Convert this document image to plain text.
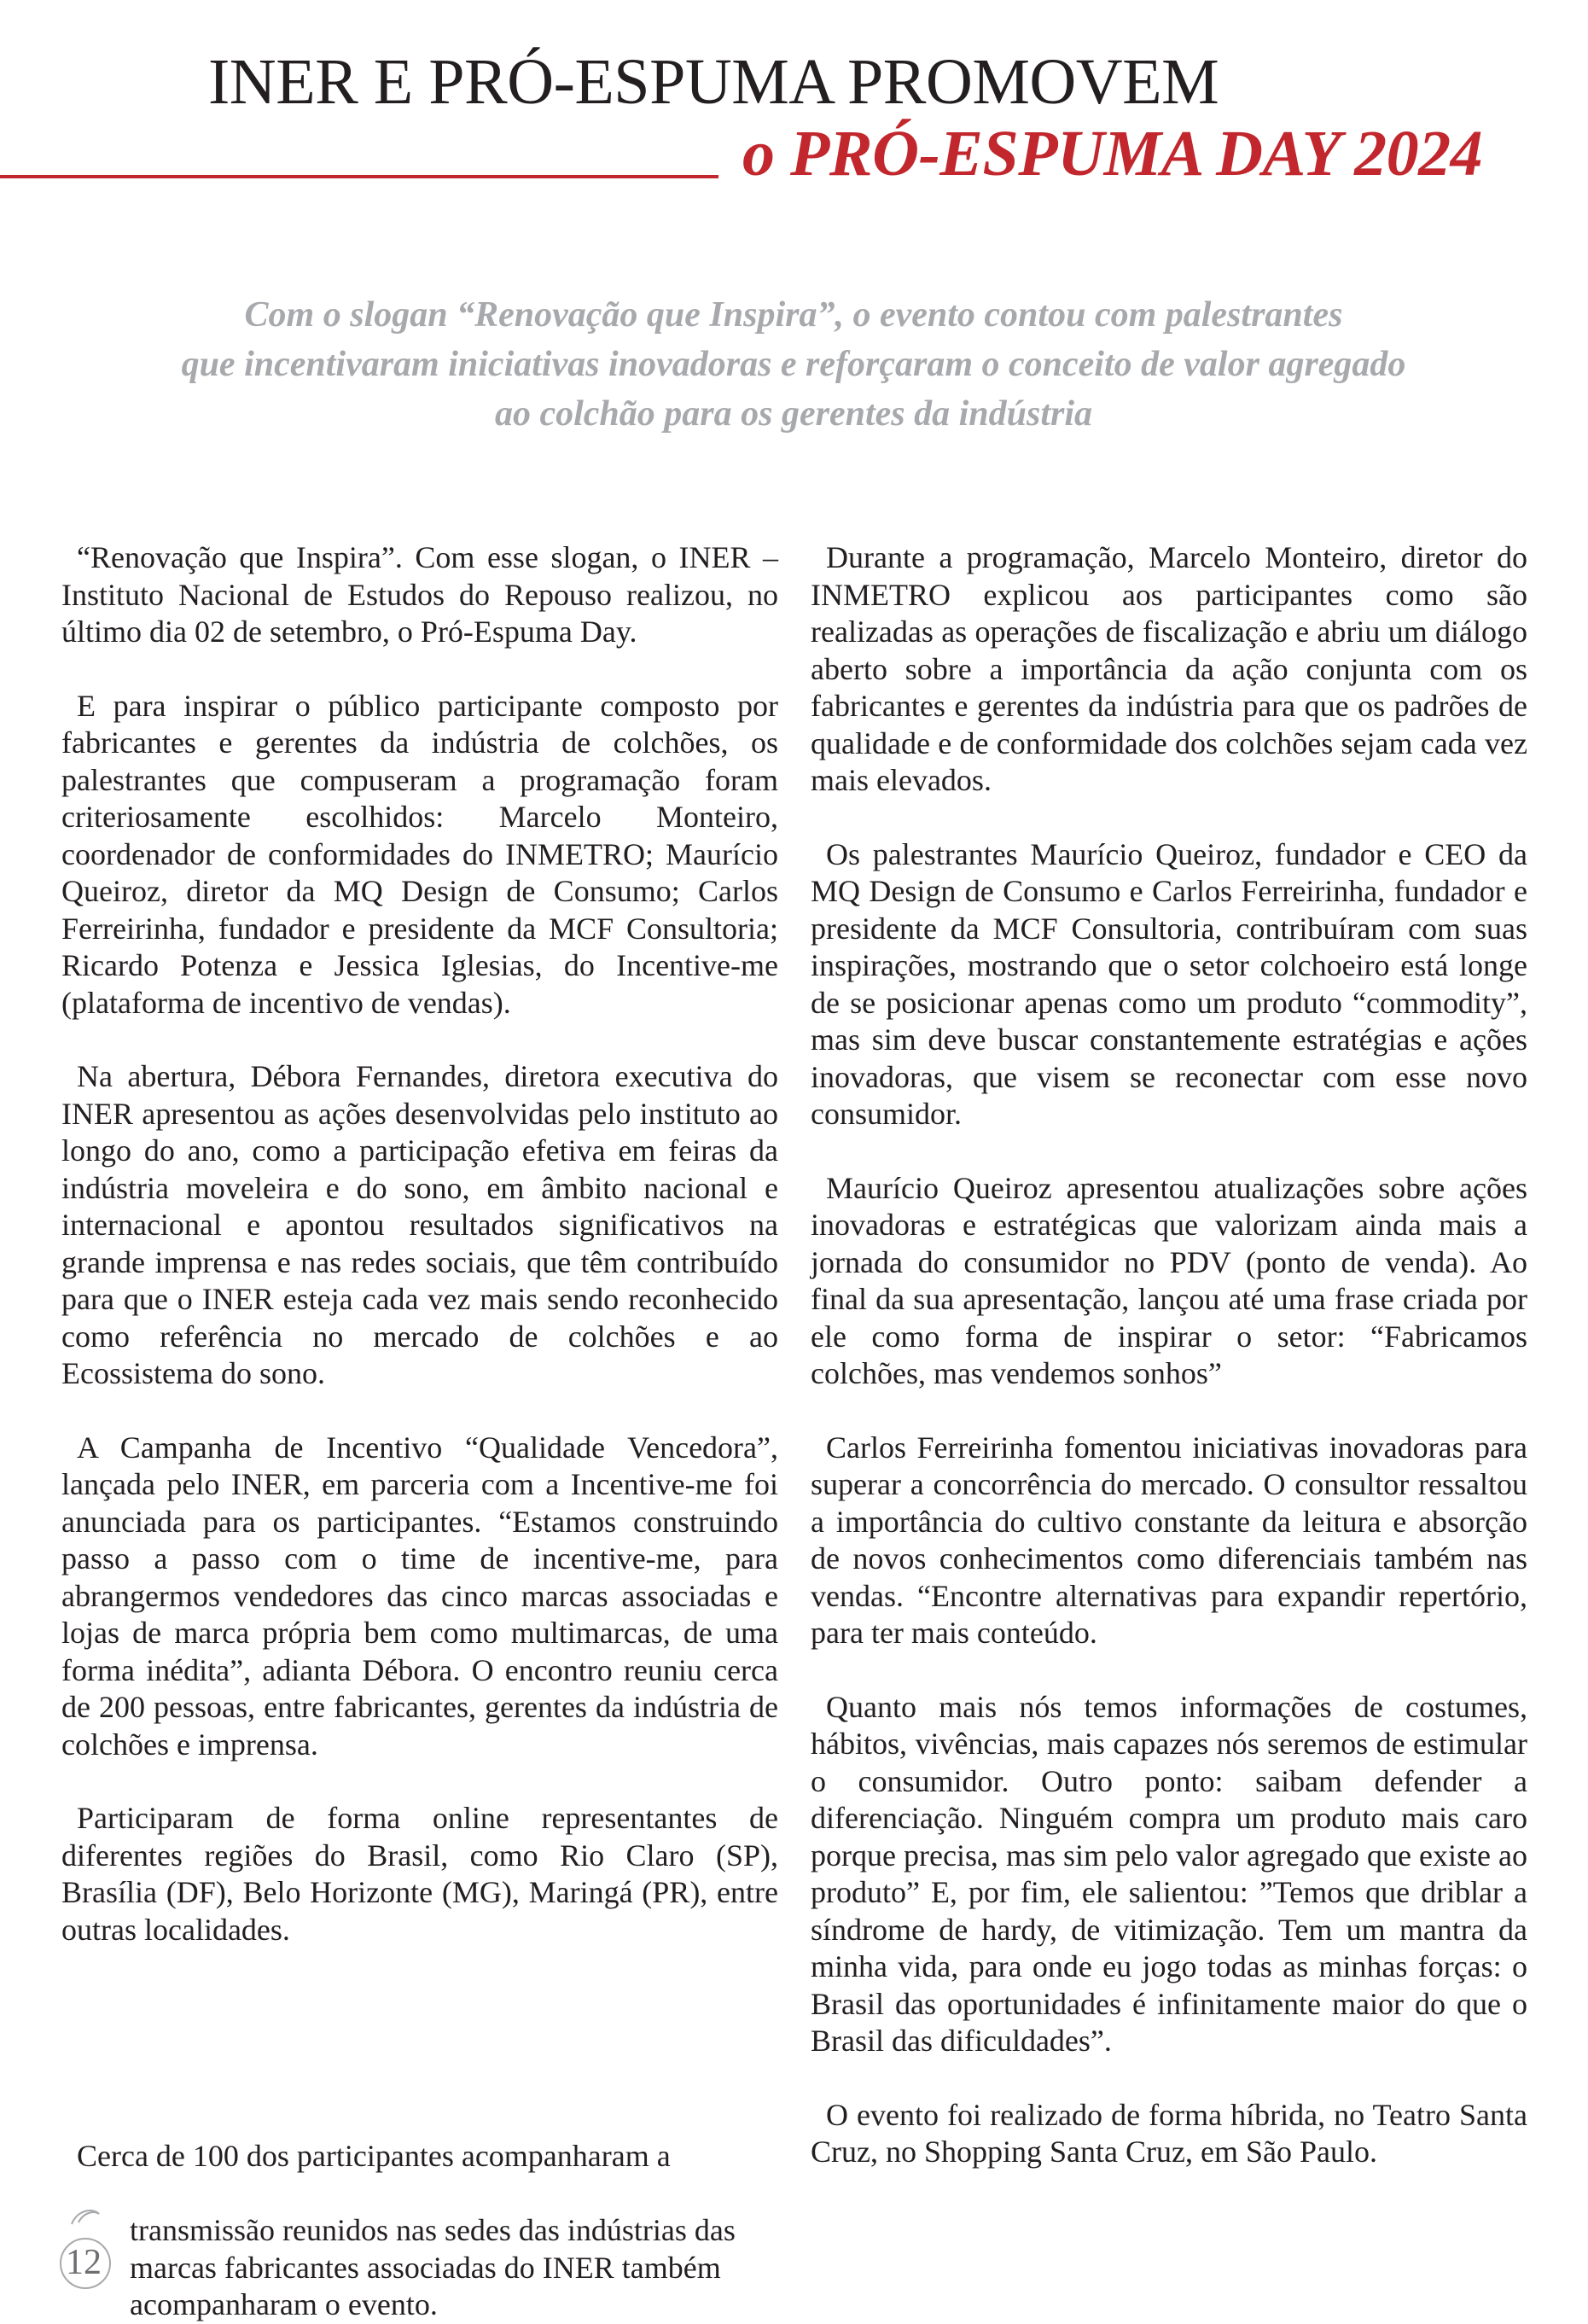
INER E PRÓ-ESPUMA PROMOVEM
o PRÓ-ESPUMA DAY 2024
Com o slogan “Renovação que Inspira”, o evento contou com palestrantes
que incentivaram iniciativas inovadoras e reforçaram o conceito de valor agregado
ao colchão para os gerentes da indústria

“Renovação que Inspira”. Com esse slogan, o INER – Instituto Nacional de Estudos do Repouso realizou, no último dia 02 de setembro, o Pró-Espuma Day.

E para inspirar o público participante composto por fabricantes e gerentes da indústria de colchões, os palestrantes que compuseram a programação foram criteriosamente escolhidos: Marcelo Monteiro, coordenador de conformidades do INMETRO; Maurício Queiroz, diretor da MQ Design de Consumo; Carlos Ferreirinha, fundador e presidente da MCF Consultoria; Ricardo Potenza e Jessica Iglesias, do Incentive-me (plataforma de incentivo de vendas).

Na abertura, Débora Fernandes, diretora executiva do INER apresentou as ações desenvolvidas pelo instituto ao longo do ano, como a participação efetiva em feiras da indústria moveleira e do sono, em âmbito nacional e internacional e apontou resultados significativos na grande imprensa e nas redes sociais, que têm contribuído para que o INER esteja cada vez mais sendo reconhecido como referência no mercado de colchões e ao Ecossistema do sono.

A Campanha de Incentivo “Qualidade Vencedora”, lançada pelo INER, em parceria com a Incentive-me foi anunciada para os participantes. “Estamos construindo passo a passo com o time de incentive-me, para abrangermos vendedores das cinco marcas associadas e lojas de marca própria bem como multimarcas, de uma forma inédita”, adianta Débora. O encontro reuniu cerca de 200 pessoas, entre fabricantes, gerentes da indústria de colchões e imprensa.

Participaram de forma online representantes de diferentes regiões do Brasil, como Rio Claro (SP), Brasília (DF), Belo Horizonte (MG), Maringá (PR), entre outras localidades.

Cerca de 100 dos participantes acompanharam a
transmissão reunidos nas sedes das indústrias das marcas fabricantes associadas do INER também acompanharam o evento.
12

Durante a programação, Marcelo Monteiro, diretor do INMETRO explicou aos participantes como são realizadas as operações de fiscalização e abriu um diálogo aberto sobre a importância da ação conjunta com os fabricantes e gerentes da indústria para que os padrões de qualidade e de conformidade dos colchões sejam cada vez mais elevados.

Os palestrantes Maurício Queiroz, fundador e CEO da MQ Design de Consumo e Carlos Ferreirinha, fundador e presidente da MCF Consultoria, contribuíram com suas inspirações, mostrando que o setor colchoeiro está longe de se posicionar apenas como um produto “commodity”, mas sim deve buscar constantemente estratégias e ações inovadoras, que visem se reconectar com esse novo consumidor.

Maurício Queiroz apresentou atualizações sobre ações inovadoras e estratégicas que valorizam ainda mais a jornada do consumidor no PDV (ponto de venda). Ao final da sua apresentação, lançou até uma frase criada por ele como forma de inspirar o setor: “Fabricamos colchões, mas vendemos sonhos”

Carlos Ferreirinha fomentou iniciativas inovadoras para superar a concorrência do mercado. O consultor ressaltou a importância do cultivo constante da leitura e absorção de novos conhecimentos como diferenciais também nas vendas. “Encontre alternativas para expandir repertório, para ter mais conteúdo.

Quanto mais nós temos informações de costumes, hábitos, vivências, mais capazes nós seremos de estimular o consumidor. Outro ponto: saibam defender a diferenciação. Ninguém compra um produto mais caro porque precisa, mas sim pelo valor agregado que existe ao produto” E, por fim, ele salientou: ”Temos que driblar a síndrome de hardy, de vitimização. Tem um mantra da minha vida, para onde eu jogo todas as minhas forças: o Brasil das oportunidades é infinitamente maior do que o Brasil das dificuldades”.

O evento foi realizado de forma híbrida, no Teatro Santa Cruz, no Shopping Santa Cruz, em São Paulo.
